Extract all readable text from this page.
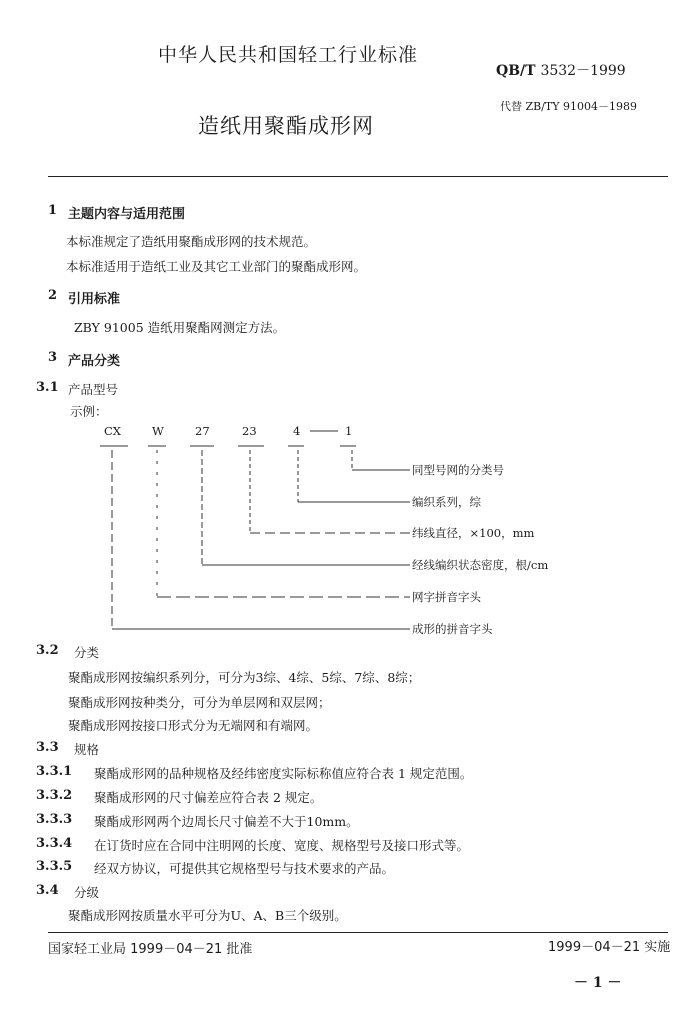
中华人民共和国轻工行业标准
QB/T 3532－1999
代替 ZB/TY 91004－1989
造纸用聚酯成形网
1 主题内容与适用范围
本标准规定了造纸用聚酯成形网的技术规范。
本标准适用于造纸工业及其它工业部门的聚酯成形网。
2 引用标准
ZBY 91005 造纸用聚酯网测定方法。
3 产品分类
3.1 产品型号
示例：
CX	W	27	23	4	1
同型号网的分类号
编织系列，综
纬线直径，×100，mm
经线编织状态密度，根/cm
网字拼音字头
成形的拼音字头
3.2 分类
聚酯成形网按编织系列分，可分为3综、4综、5综、7综、8综；
聚酯成形网按种类分，可分为单层网和双层网；
聚酯成形网按接口形式分为无端网和有端网。
3.3 规格
3.3.1 聚酯成形网的品种规格及经纬密度实际标称值应符合表 1 规定范围。
3.3.2 聚酯成形网的尺寸偏差应符合表 2 规定。
3.3.3 聚酯成形网两个边周长尺寸偏差不大于10mm。
3.3.4 在订货时应在合同中注明网的长度、宽度、规格型号及接口形式等。
3.3.5 经双方协议，可提供其它规格型号与技术要求的产品。
3.4 分级
聚酯成形网按质量水平可分为U、A、B三个级别。
国家轻工业局 1999－04－21 批准	1999－04－21 实施
－ 1 －
